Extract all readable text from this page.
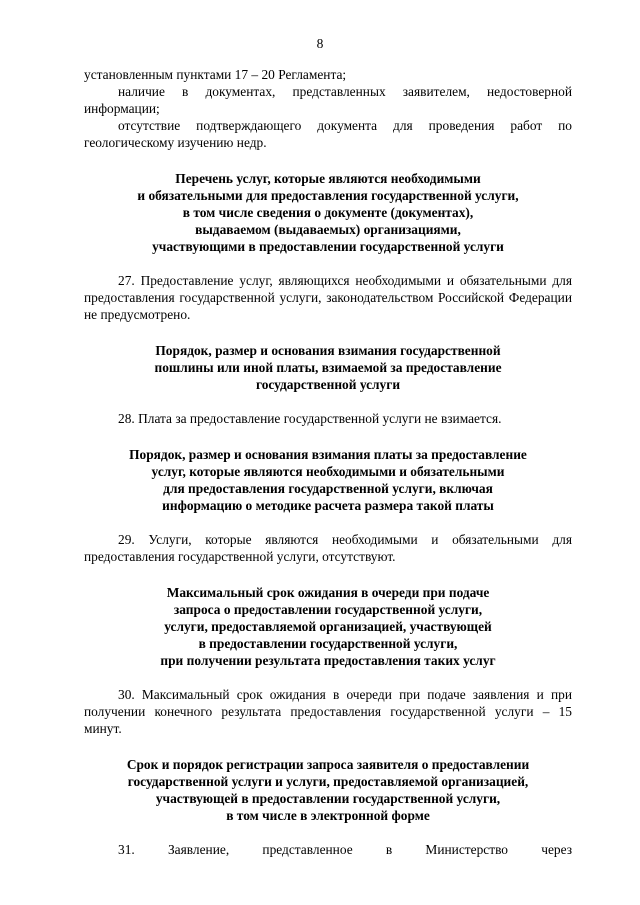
8

установленным пунктами 17 – 20 Регламента;

наличие в документах, представленных заявителем, недостоверной информации;

отсутствие подтверждающего документа для проведения работ по геологическому изучению недр.

Перечень услуг, которые являются необходимыми
и обязательными для предоставления государственной услуги,
в том числе сведения о документе (документах),
выдаваемом (выдаваемых) организациями,
участвующими в предоставлении государственной услуги

27. Предоставление услуг, являющихся необходимыми и обязательными для предоставления государственной услуги, законодательством Российской Федерации не предусмотрено.

Порядок, размер и основания взимания государственной
пошлины или иной платы, взимаемой за предоставление
государственной услуги

28. Плата за предоставление государственной услуги не взимается.

Порядок, размер и основания взимания платы за предоставление
услуг, которые являются необходимыми и обязательными
для предоставления государственной услуги, включая
информацию о методике расчета размера такой платы

29. Услуги, которые являются необходимыми и обязательными для предоставления государственной услуги, отсутствуют.

Максимальный срок ожидания в очереди при подаче
запроса о предоставлении государственной услуги,
услуги, предоставляемой организацией, участвующей
в предоставлении государственной услуги,
при получении результата предоставления таких услуг

30. Максимальный срок ожидания в очереди при подаче заявления и при получении конечного результата предоставления государственной услуги – 15 минут.

Срок и порядок регистрации запроса заявителя о предоставлении
государственной услуги и услуги, предоставляемой организацией,
участвующей в предоставлении государственной услуги,
в том числе в электронной форме

31. Заявление, представленное в Министерство через
